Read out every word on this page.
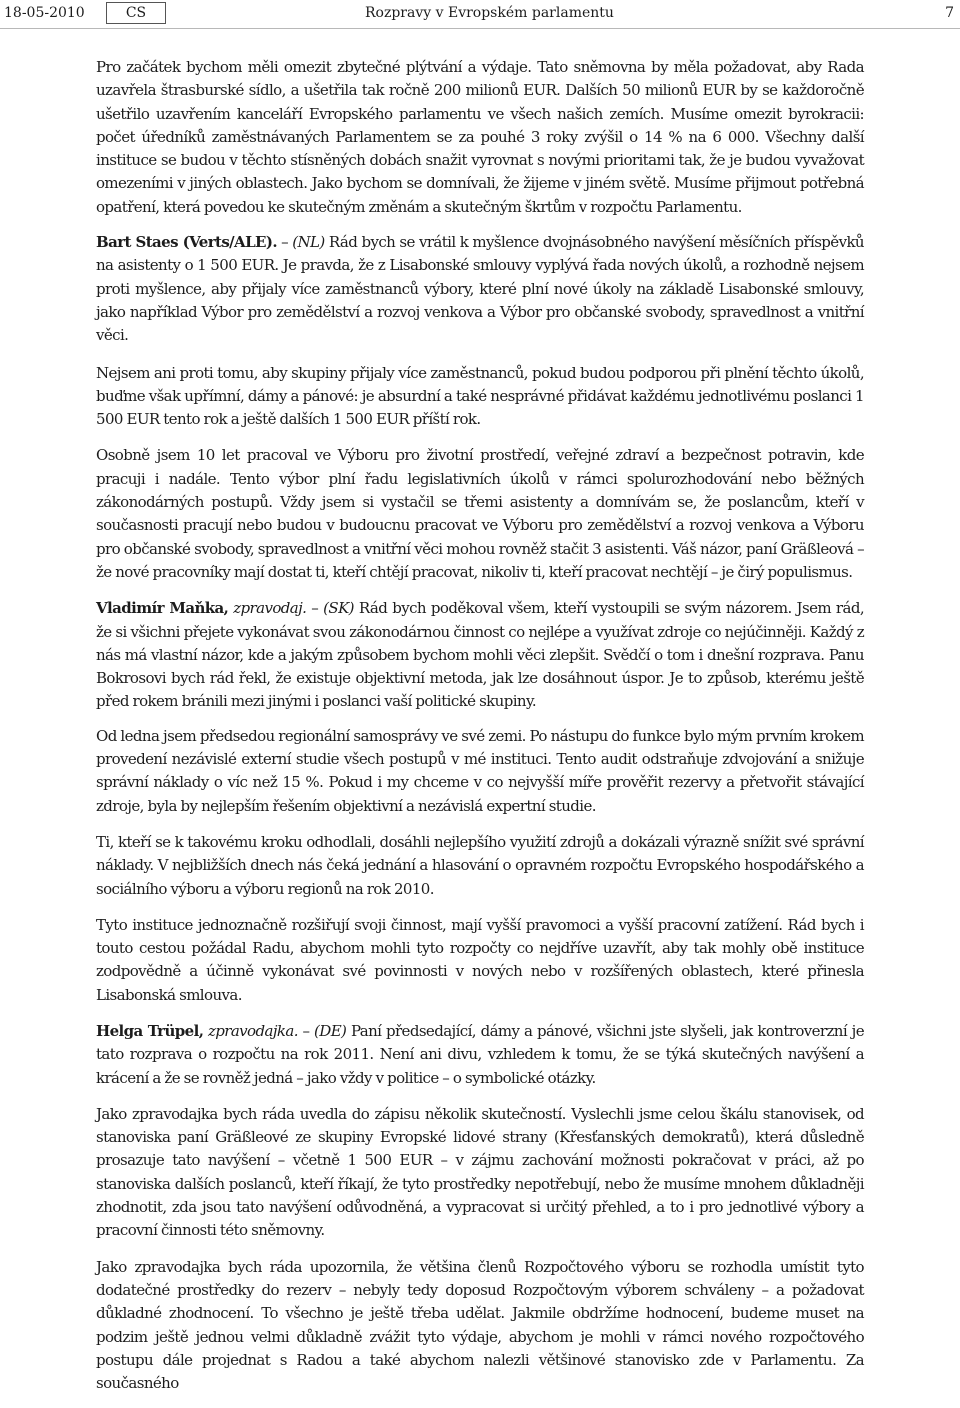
18-05-2010	CS	Rozpravy v Evropském parlamentu	7

Pro začátek bychom měli omezit zbytečné plýtvání a výdaje. Tato sněmovna by měla požadovat, aby Rada uzavřela štrasburské sídlo, a ušetřila tak ročně 200 milionů EUR. Dalších 50 milionů EUR by se každoročně ušetřilo uzavřením kanceláří Evropského parlamentu ve všech našich zemích. Musíme omezit byrokracii: počet úředníků zaměstnávaných Parlamentem se za pouhé 3 roky zvýšil o 14 % na 6 000. Všechny další instituce se budou v těchto stísněných dobách snažit vyrovnat s novými prioritami tak, že je budou vyvažovat omezeními v jiných oblastech. Jako bychom se domnívali, že žijeme v jiném světě. Musíme přijmout potřebná opatření, která povedou ke skutečným změnám a skutečným škrtům v rozpočtu Parlamentu.

Bart Staes (Verts/ALE). – (NL) Rád bych se vrátil k myšlence dvojnásobného navýšení měsíčních příspěvků na asistenty o 1 500 EUR. Je pravda, že z Lisabonské smlouvy vyplývá řada nových úkolů, a rozhodně nejsem proti myšlence, aby přijaly více zaměstnanců výbory, které plní nové úkoly na základě Lisabonské smlouvy, jako například Výbor pro zemědělství a rozvoj venkova a Výbor pro občanské svobody, spravedlnost a vnitřní věci.

Nejsem ani proti tomu, aby skupiny přijaly více zaměstnanců, pokud budou podporou při plnění těchto úkolů, buďme však upřímní, dámy a pánové: je absurdní a také nesprávné přidávat každému jednotlivému poslanci 1 500 EUR tento rok a ještě dalších 1 500 EUR příští rok.

Osobně jsem 10 let pracoval ve Výboru pro životní prostředí, veřejné zdraví a bezpečnost potravin, kde pracuji i nadále. Tento výbor plní řadu legislativních úkolů v rámci spolurozhodování nebo běžných zákonodárných postupů. Vždy jsem si vystačil se třemi asistenty a domnívám se, že poslancům, kteří v současnosti pracují nebo budou v budoucnu pracovat ve Výboru pro zemědělství a rozvoj venkova a Výboru pro občanské svobody, spravedlnost a vnitřní věci mohou rovněž stačit 3 asistenti. Váš názor, paní Gräßleová – že nové pracovníky mají dostat ti, kteří chtějí pracovat, nikoliv ti, kteří pracovat nechtějí – je čirý populismus.

Vladimír Maňka, zpravodaj. – (SK) Rád bych poděkoval všem, kteří vystoupili se svým názorem. Jsem rád, že si všichni přejete vykonávat svou zákonodárnou činnost co nejlépe a využívat zdroje co nejúčinněji. Každý z nás má vlastní názor, kde a jakým způsobem bychom mohli věci zlepšit. Svědčí o tom i dnešní rozprava. Panu Bokrosovi bych rád řekl, že existuje objektivní metoda, jak lze dosáhnout úspor. Je to způsob, kterému ještě před rokem bránili mezi jinými i poslanci vaší politické skupiny.

Od ledna jsem předsedou regionální samosprávy ve své zemi. Po nástupu do funkce bylo mým prvním krokem provedení nezávislé externí studie všech postupů v mé instituci. Tento audit odstraňuje zdvojování a snižuje správní náklady o víc než 15 %. Pokud i my chceme v co nejvyšší míře prověřit rezervy a přetvořit stávající zdroje, byla by nejlepším řešením objektivní a nezávislá expertní studie.

Ti, kteří se k takovému kroku odhodlali, dosáhli nejlepšího využití zdrojů a dokázali výrazně snížit své správní náklady. V nejbližších dnech nás čeká jednání a hlasování o opravném rozpočtu Evropského hospodářského a sociálního výboru a výboru regionů na rok 2010.

Tyto instituce jednoznačně rozšiřují svoji činnost, mají vyšší pravomoci a vyšší pracovní zatížení. Rád bych i touto cestou požádal Radu, abychom mohli tyto rozpočty co nejdříve uzavřít, aby tak mohly obě instituce zodpovědně a účinně vykonávat své povinnosti v nových nebo v rozšířených oblastech, které přinesla Lisabonská smlouva.

Helga Trüpel, zpravodajka. – (DE) Paní předsedající, dámy a pánové, všichni jste slyšeli, jak kontroverzní je tato rozprava o rozpočtu na rok 2011. Není ani divu, vzhledem k tomu, že se týká skutečných navýšení a krácení a že se rovněž jedná – jako vždy v politice – o symbolické otázky.

Jako zpravodajka bych ráda uvedla do zápisu několik skutečností. Vyslechli jsme celou škálu stanovisek, od stanoviska paní Gräßleové ze skupiny Evropské lidové strany (Křesťanských demokratů), která důsledně prosazuje tato navýšení – včetně 1 500 EUR – v zájmu zachování možnosti pokračovat v práci, až po stanoviska dalších poslanců, kteří říkají, že tyto prostředky nepotřebují, nebo že musíme mnohem důkladněji zhodnotit, zda jsou tato navýšení odůvodněná, a vypracovat si určitý přehled, a to i pro jednotlivé výbory a pracovní činnosti této sněmovny.

Jako zpravodajka bych ráda upozornila, že většina členů Rozpočtového výboru se rozhodla umístit tyto dodatečné prostředky do rezerv – nebyly tedy doposud Rozpočtovým výborem schváleny – a požadovat důkladné zhodnocení. To všechno je ještě třeba udělat. Jakmile obdržíme hodnocení, budeme muset na podzim ještě jednou velmi důkladně zvážit tyto výdaje, abychom je mohli v rámci nového rozpočtového postupu dále projednat s Radou a také abychom nalezli většinové stanovisko zde v Parlamentu. Za současného
